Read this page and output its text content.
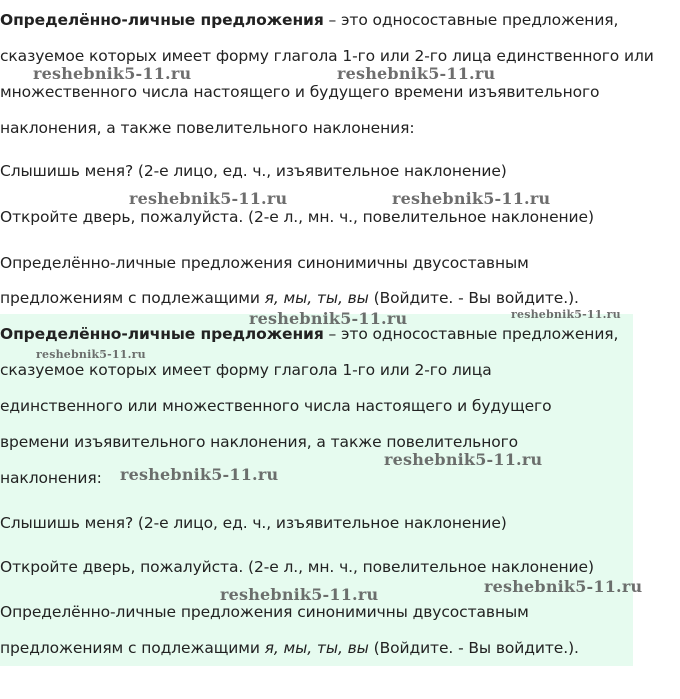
Определённо-личные предложения – это односоставные предложения,
сказуемое которых имеет форму глагола 1-го или 2-го лица единственного или
множественного числа настоящего и будущего времени изъявительного
наклонения, а также повелительного наклонения:
Слышишь меня? (2-е лицо, ед. ч., изъявительное наклонение)
Откройте дверь, пожалуйста. (2-е л., мн. ч., повелительное наклонение)
Определённо-личные предложения синонимичны двусоставным
предложениям с подлежащими я, мы, ты, вы (Войдите. - Вы войдите.).
Определённо-личные предложения – это односоставные предложения,
сказуемое которых имеет форму глагола 1-го или 2-го лица
единственного или множественного числа настоящего и будущего
времени изъявительного наклонения, а также повелительного
наклонения:
Слышишь меня? (2-е лицо, ед. ч., изъявительное наклонение)
Откройте дверь, пожалуйста. (2-е л., мн. ч., повелительное наклонение)
Определённо-личные предложения синонимичны двусоставным
предложениям с подлежащими я, мы, ты, вы (Войдите. - Вы войдите.).
reshebnik5-11.ru	reshebnik5-11.ru
reshebnik5-11.ru	reshebnik5-11.ru
reshebnik5-11.ru	reshebnik5-11.ru
reshebnik5-11.ru
reshebnik5-11.ru
reshebnik5-11.ru
reshebnik5-11.ru
reshebnik5-11.ru
